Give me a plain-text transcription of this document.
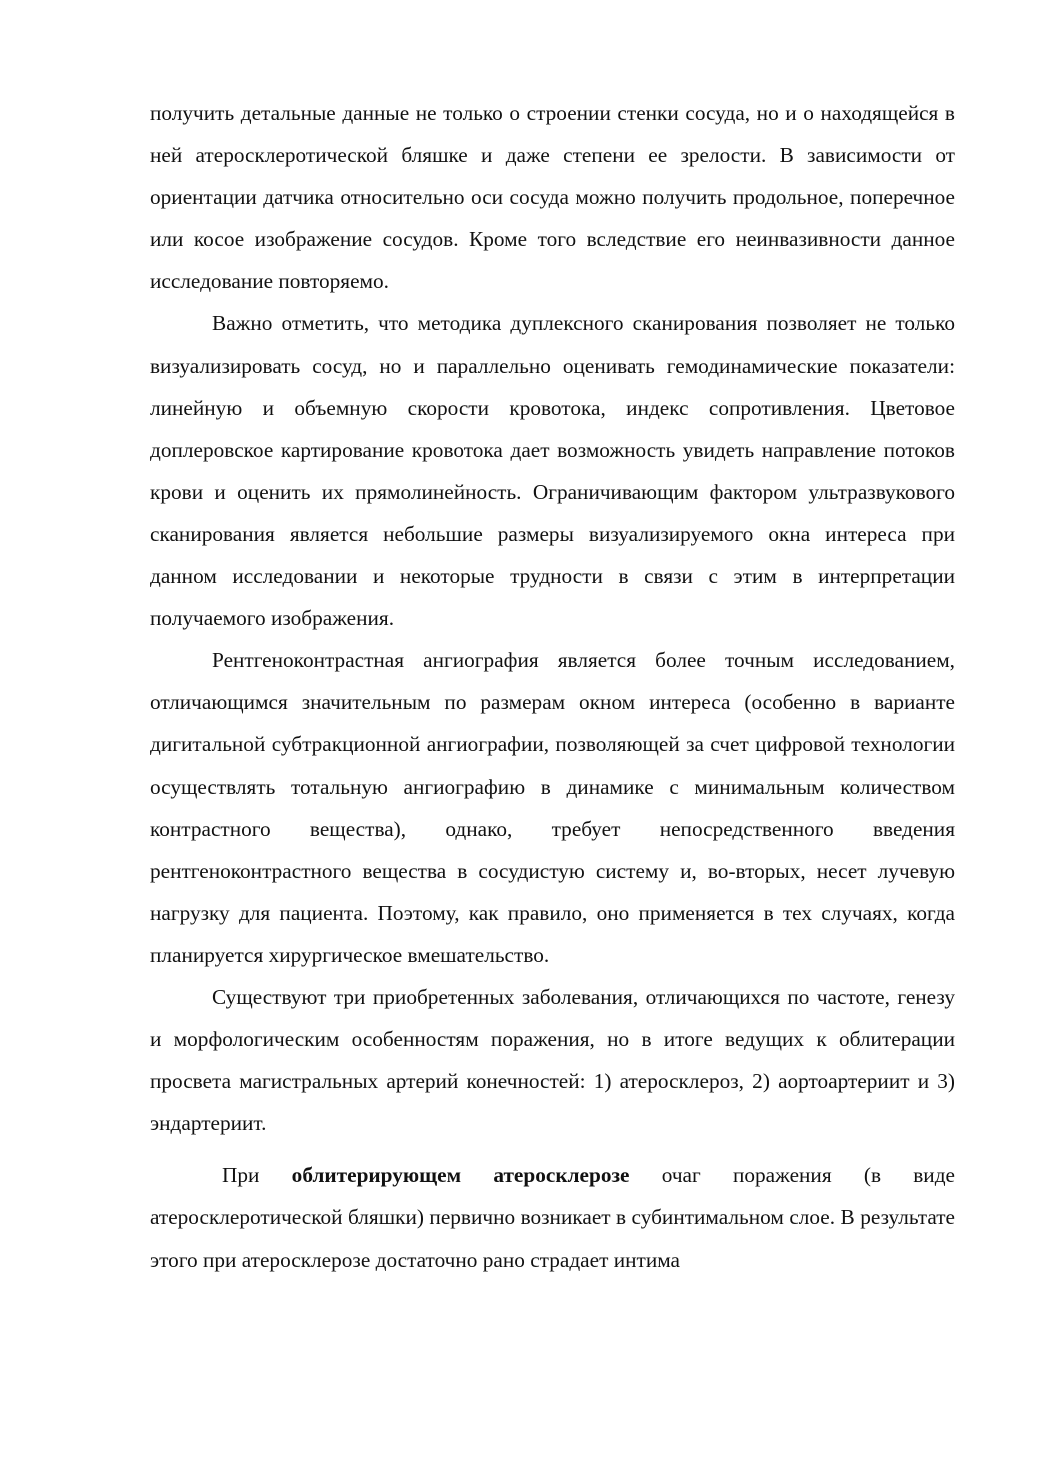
получить детальные данные не только о строении стенки сосуда, но и о находящейся в ней атеросклеротической бляшке и даже степени ее зрелости. В зависимости от ориентации датчика относительно оси сосуда можно получить продольное, поперечное или косое изображение сосудов. Кроме того вследствие его неинвазивности данное исследование повторяемо.

Важно отметить, что методика дуплексного сканирования позволяет не только визуализировать сосуд, но и параллельно оценивать гемодинамические показатели: линейную и объемную скорости кровотока, индекс сопротивления. Цветовое доплеровское картирование кровотока дает возможность увидеть направление потоков крови и оценить их прямолинейность. Ограничивающим фактором ультразвукового сканирования является небольшие размеры визуализируемого окна интереса при данном исследовании и некоторые трудности в связи с этим в интерпретации получаемого изображения.

Рентгеноконтрастная ангиография является более точным исследованием, отличающимся значительным по размерам окном интереса (особенно в варианте дигитальной субтракционной ангиографии, позволяющей за счет цифровой технологии осуществлять тотальную ангиографию в динамике с минимальным количеством контрастного вещества), однако, требует непосредственного введения рентгеноконтрастного вещества в сосудистую систему и, во-вторых, несет лучевую нагрузку для пациента. Поэтому, как правило, оно применяется в тех случаях, когда планируется хирургическое вмешательство.

Существуют три приобретенных заболевания, отличающихся по частоте, генезу и морфологическим особенностям поражения, но в итоге ведущих к облитерации просвета магистральных артерий конечностей: 1) атеросклероз, 2) аортоартериит и 3) эндартериит.

При облитерирующем атеросклерозе очаг поражения (в виде атеросклеротической бляшки) первично возникает в субинтимальном слое. В результате этого при атеросклерозе достаточно рано страдает интима
